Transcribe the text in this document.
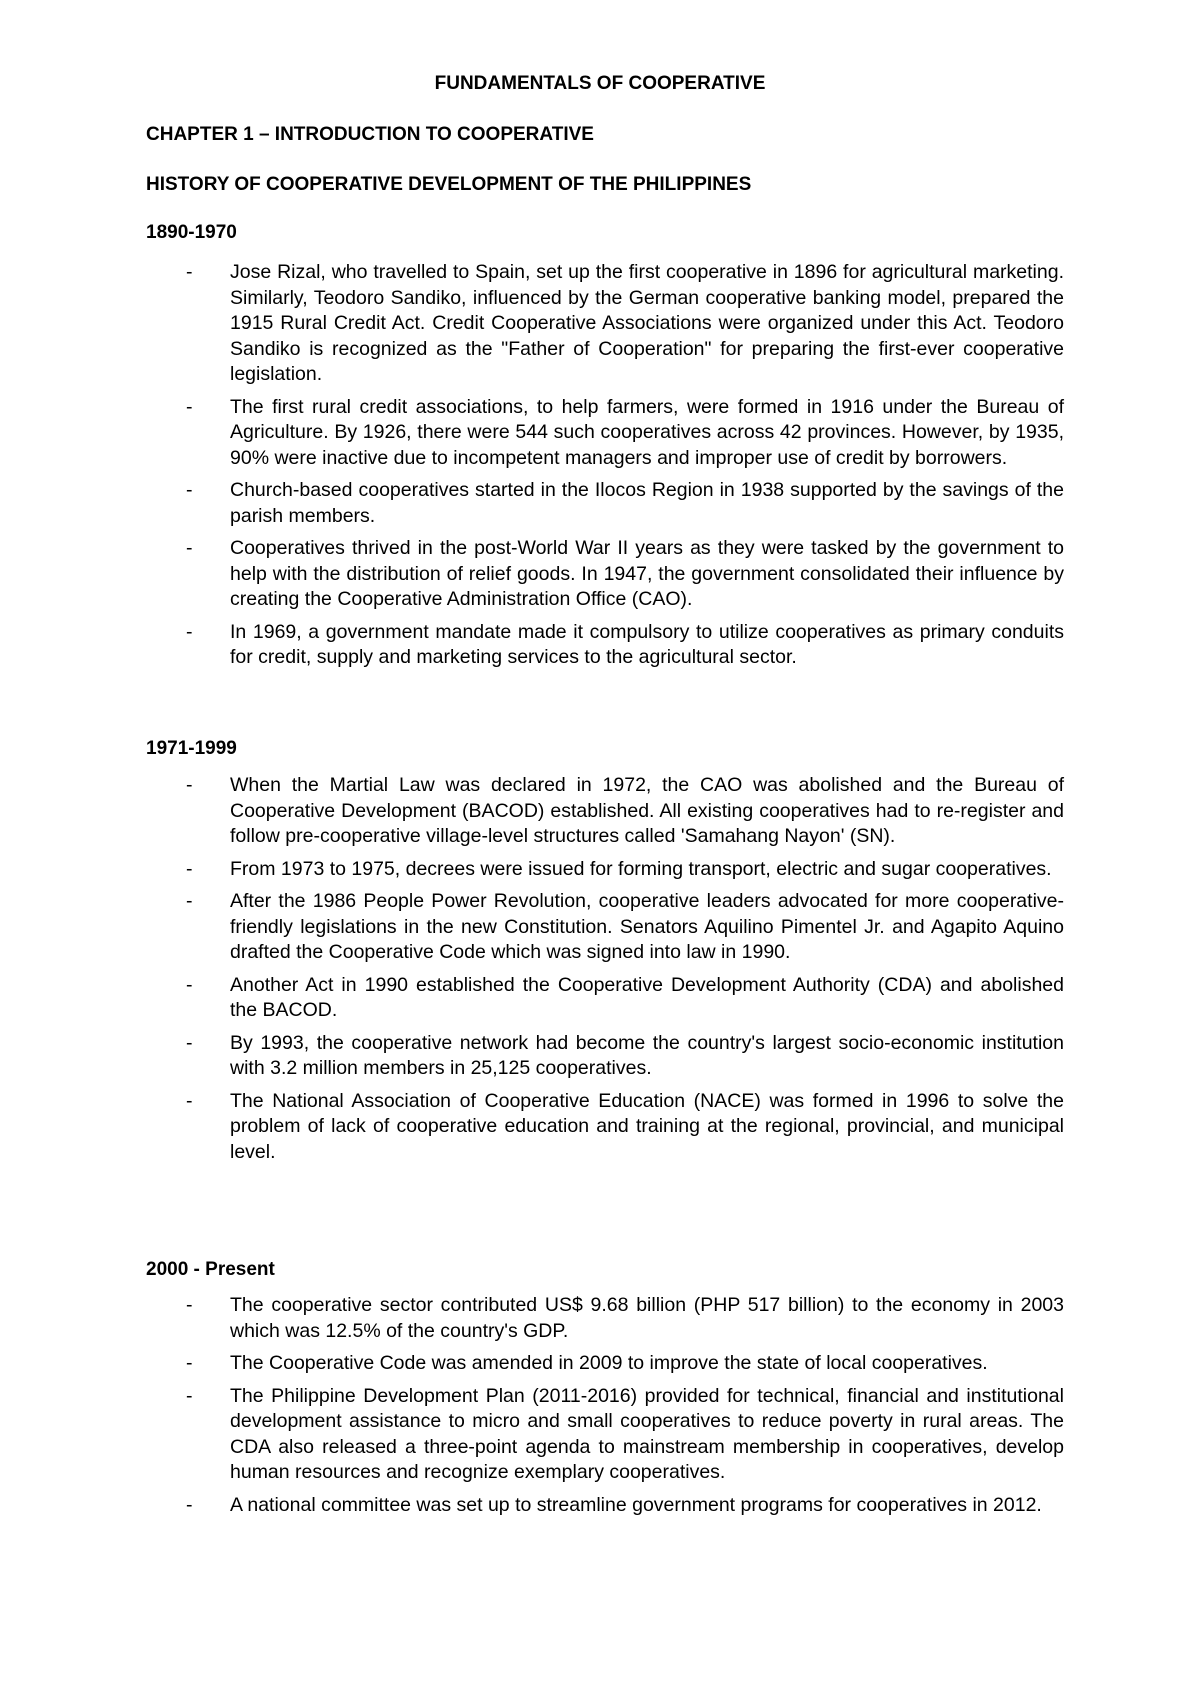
FUNDAMENTALS OF COOPERATIVE
CHAPTER 1 – INTRODUCTION TO COOPERATIVE
HISTORY OF COOPERATIVE DEVELOPMENT OF THE PHILIPPINES
1890-1970
- Jose Rizal, who travelled to Spain, set up the first cooperative in 1896 for agricultural marketing. Similarly, Teodoro Sandiko, influenced by the German cooperative banking model, prepared the 1915 Rural Credit Act. Credit Cooperative Associations were organized under this Act. Teodoro Sandiko is recognized as the "Father of Cooperation" for preparing the first-ever cooperative legislation.
- The first rural credit associations, to help farmers, were formed in 1916 under the Bureau of Agriculture. By 1926, there were 544 such cooperatives across 42 provinces. However, by 1935, 90% were inactive due to incompetent managers and improper use of credit by borrowers.
- Church-based cooperatives started in the Ilocos Region in 1938 supported by the savings of the parish members.
- Cooperatives thrived in the post-World War II years as they were tasked by the government to help with the distribution of relief goods. In 1947, the government consolidated their influence by creating the Cooperative Administration Office (CAO).
- In 1969, a government mandate made it compulsory to utilize cooperatives as primary conduits for credit, supply and marketing services to the agricultural sector.
1971-1999
- When the Martial Law was declared in 1972, the CAO was abolished and the Bureau of Cooperative Development (BACOD) established. All existing cooperatives had to re-register and follow pre-cooperative village-level structures called 'Samahang Nayon' (SN).
- From 1973 to 1975, decrees were issued for forming transport, electric and sugar cooperatives.
- After the 1986 People Power Revolution, cooperative leaders advocated for more cooperative-friendly legislations in the new Constitution. Senators Aquilino Pimentel Jr. and Agapito Aquino drafted the Cooperative Code which was signed into law in 1990.
- Another Act in 1990 established the Cooperative Development Authority (CDA) and abolished the BACOD.
- By 1993, the cooperative network had become the country's largest socio-economic institution with 3.2 million members in 25,125 cooperatives.
- The National Association of Cooperative Education (NACE) was formed in 1996 to solve the problem of lack of cooperative education and training at the regional, provincial, and municipal level.
2000 - Present
- The cooperative sector contributed US$ 9.68 billion (PHP 517 billion) to the economy in 2003 which was 12.5% of the country's GDP.
- The Cooperative Code was amended in 2009 to improve the state of local cooperatives.
- The Philippine Development Plan (2011-2016) provided for technical, financial and institutional development assistance to micro and small cooperatives to reduce poverty in rural areas. The CDA also released a three-point agenda to mainstream membership in cooperatives, develop human resources and recognize exemplary cooperatives.
- A national committee was set up to streamline government programs for cooperatives in 2012.
